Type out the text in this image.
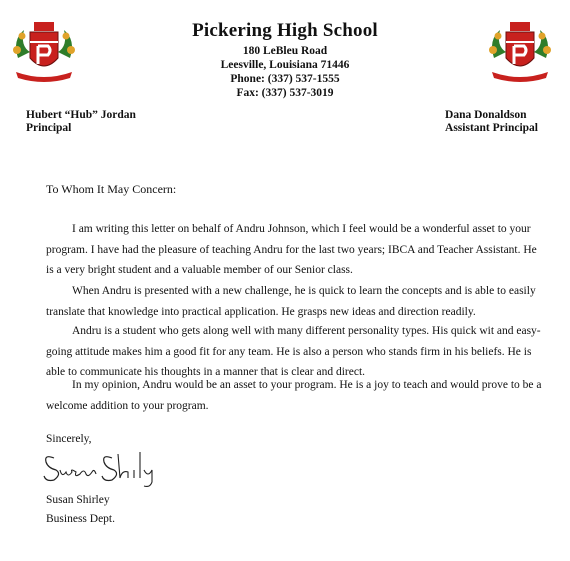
Pickering High School
180 LeBleu Road
Leesville, Louisiana 71446
Phone: (337) 537-1555
Fax: (337) 537-3019
Hubert “Hub” Jordan
Principal
Dana Donaldson
Assistant Principal
To Whom It May Concern:
I am writing this letter on behalf of Andru Johnson, which I feel would be a wonderful asset to your program. I have had the pleasure of teaching Andru for the last two years; IBCA and Teacher Assistant. He is a very bright student and a valuable member of our Senior class.
When Andru is presented with a new challenge, he is quick to learn the concepts and is able to easily translate that knowledge into practical application. He grasps new ideas and direction readily.
Andru is a student who gets along well with many different personality types. His quick wit and easy-going attitude makes him a good fit for any team. He is also a person who stands firm in his beliefs. He is able to communicate his thoughts in a manner that is clear and direct.
In my opinion, Andru would be an asset to your program. He is a joy to teach and would prove to be a welcome addition to your program.
Sincerely,
Susan Shirley
Business Dept.
